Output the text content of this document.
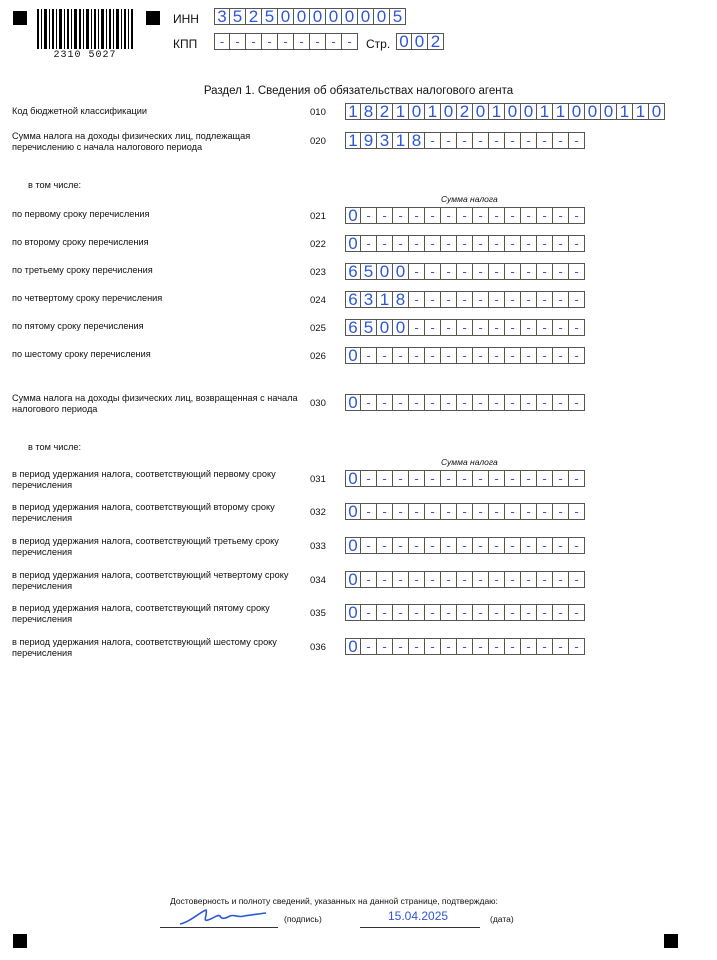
2310 5027
ИНН 3 5 2 5 0 0 0 0 0 0 0 5
КПП	- - - - - - - - -	Стр. 0 0 2
Раздел 1. Сведения об обязательствах налогового агента
Код бюджетной классификации	010 1 8 2 1 0 1 0 2 0 1 0 0 1 1 0 0 0 1 1 0
Сумма налога на доходы физических лиц, подлежащая перечислению с начала налогового периода	020 1 9 3 1 8 - - - - - - - - - -
в том числе:
Сумма налога
по первому сроку перечисления	021 0 - - - - - - - - - - - - - -
по второму сроку перечисления	022 0 - - - - - - - - - - - - - -
по третьему сроку перечисления	023 6 5 0 0 - - - - - - - - - - -
по четвертому сроку перечисления	024 6 3 1 8 - - - - - - - - - - -
по пятому сроку перечисления	025 6 5 0 0 - - - - - - - - - - -
по шестому сроку перечисления	026 0 - - - - - - - - - - - - - -
Сумма налога на доходы физических лиц, возвращенная с начала налогового периода	030 0 - - - - - - - - - - - - - -
в том числе:
Сумма налога
в период удержания налога, соответствующий первому сроку перечисления	031 0 - - - - - - - - - - - - - -
в период удержания налога, соответствующий второму сроку перечисления	032 0 - - - - - - - - - - - - - -
в период удержания налога, соответствующий третьему сроку перечисления	033 0 - - - - - - - - - - - - - -
в период удержания налога, соответствующий четвертому сроку перечисления	034 0 - - - - - - - - - - - - - -
в период удержания налога, соответствующий пятому сроку перечисления	035 0 - - - - - - - - - - - - - -
в период удержания налога, соответствующий шестому сроку перечисления	036 0 - - - - - - - - - - - - - -
Достоверность и полноту сведений, указанных на данной странице, подтверждаю:
(подпись)	15.04.2025	(дата)
